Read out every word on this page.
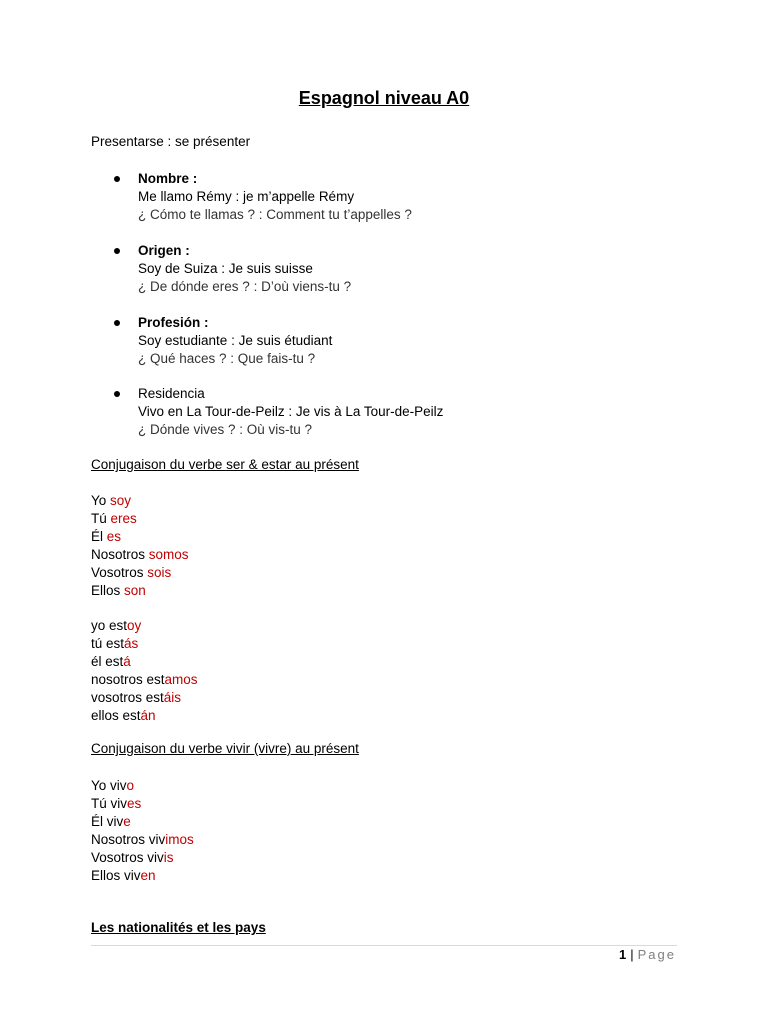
Espagnol niveau A0
Presentarse : se présenter
Nombre :
Me llamo Rémy : je m’appelle Rémy
¿ Cómo te llamas ? : Comment tu t’appelles ?
Origen :
Soy de Suiza : Je suis suisse
¿ De dónde eres ? : D’où viens-tu ?
Profesión :
Soy estudiante : Je suis étudiant
¿ Qué haces ? : Que fais-tu ?
Residencia
Vivo en La Tour-de-Peilz : Je vis à La Tour-de-Peilz
¿ Dónde vives ? : Où vis-tu ?
Conjugaison du verbe ser & estar au présent
Yo soy
Tú eres
Él es
Nosotros somos
Vosotros sois
Ellos son
yo estoy
tú estás
él está
nosotros estamos
vosotros estáis
ellos están
Conjugaison du verbe vivir (vivre) au présent
Yo vivo
Tú vives
Él vive
Nosotros vivimos
Vosotros vivis
Ellos viven
Les nationalités et les pays
1 | Page
